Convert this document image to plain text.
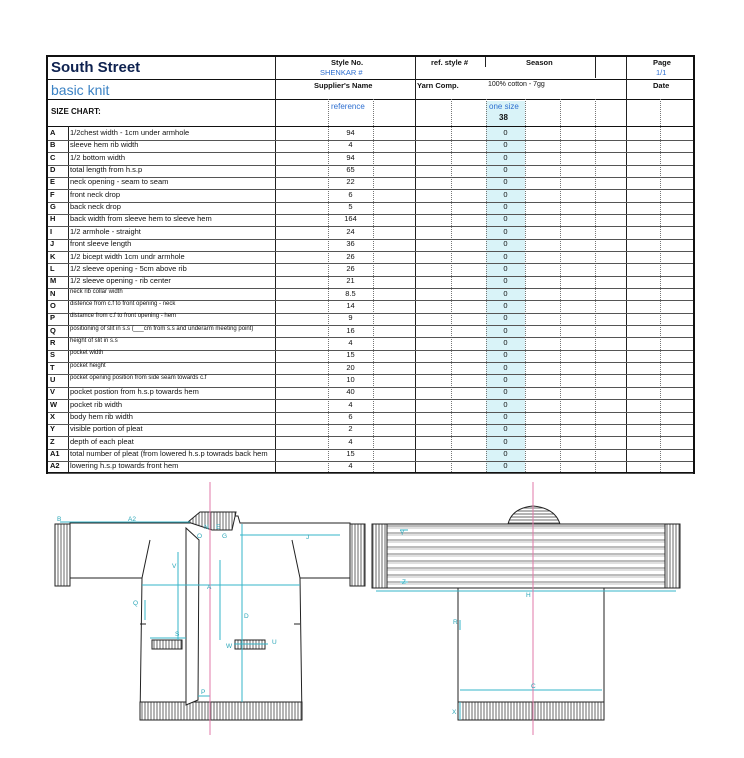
South Street
basic knit
Style No.
SHENKAR #
ref. style #	Season	Page
1/1
Supplier's Name	Yarn Comp.	100% cotton - 7gg	Date
SIZE CHART:
reference	one size
38
A 1/2chest width - 1cm under armhole	94	0
B sleeve hem rib width	4	0
C 1/2 bottom width	94	0
D total length from h.s.p	65	0
E neck opening - seam to seam	22	0
F front neck drop	6	0
G back neck drop	5	0
H back width from sleeve hem to sleeve hem	164	0
I 1/2 armhole - straight	24	0
J front sleeve length	36	0
K 1/2 bicept width 1cm undr armhole	26	0
L 1/2 sleeve opening - 5cm above rib	26	0
M 1/2 sleeve opening - rib center	21	0
N neck rib collar width	8.5	0
O distence from c.f to front opening - neck	14	0
P distamce from c.f to front opening - hem	9	0
Q positioning of slit in s.s (___cm from s.s and underarm meeting point)	16	0
R height of slit in s.s	4	0
S pocket width	15	0
T	pocket height	20	0
U pocket opening position from side seam towards c.f	10	0
V pocket postion from h.s.p towards hem	40	0
W pocket rib width	4	0
X body hem rib width	6	0
Y visible portion of pleat	2	0
Z depth of each pleat	4	0
A1 total number of pleat (from lowered h.s.p towrads back hem	15	0
A2 lowering h.s.p towards front hem	4	0
B	A2
N E
G
O	J
V
A
D
Q
S
W
U
P
Y
Z
H
R
C
X
